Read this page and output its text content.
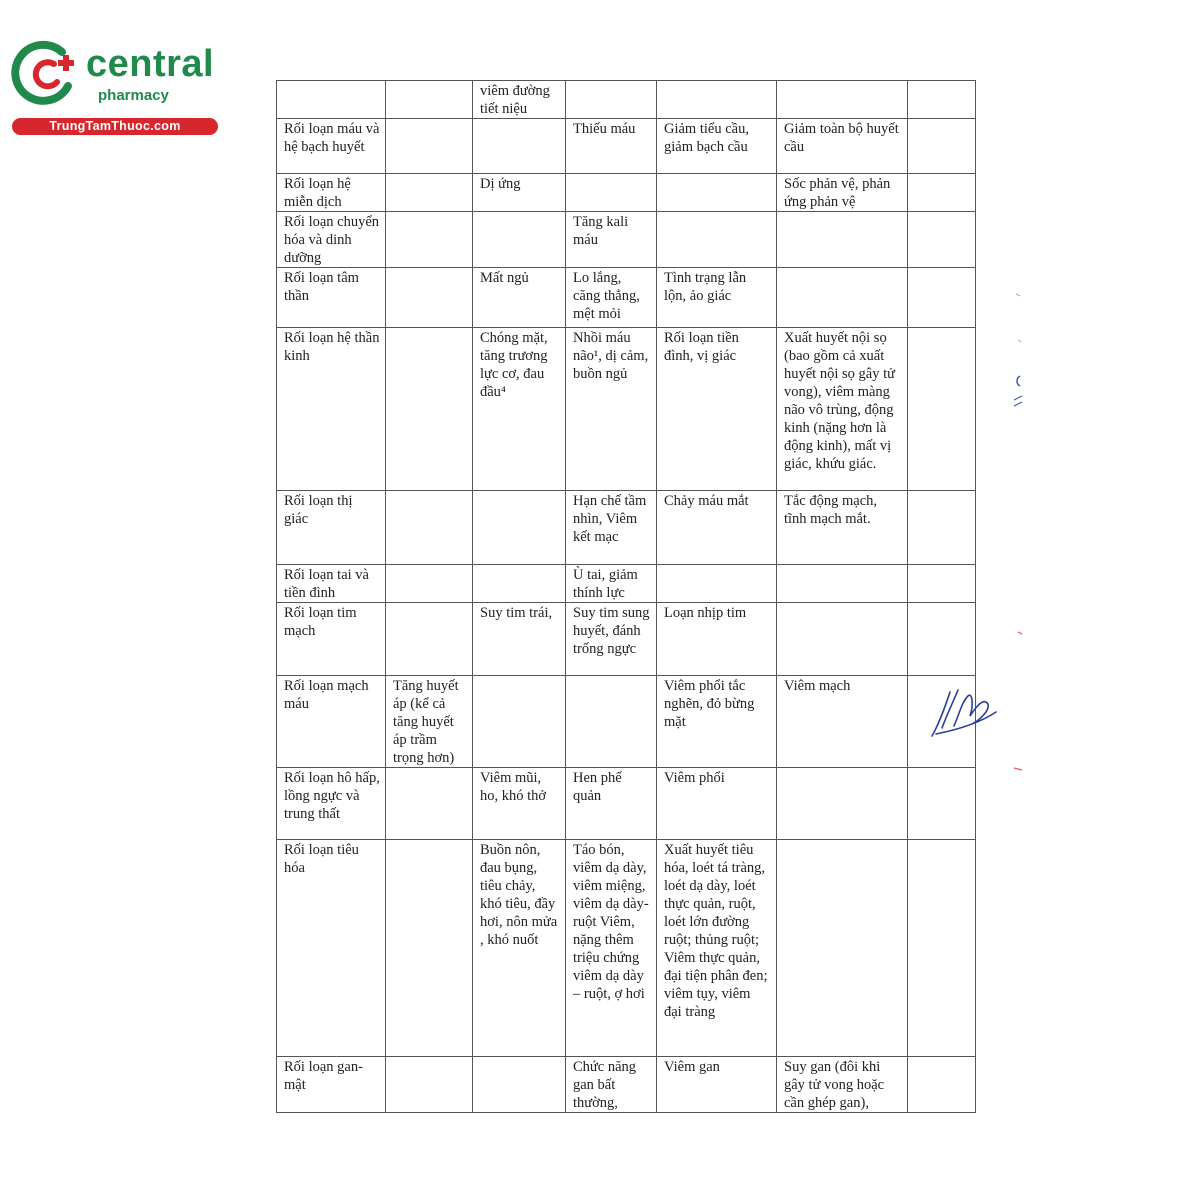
central
pharmacy
TrungTamThuoc.com
		viêm đường tiết niệu				
Rối loạn máu và hệ bạch huyết			Thiếu máu	Giảm tiểu cầu, giảm bạch cầu	Giảm toàn bộ huyết cầu	
Rối loạn hệ miễn dịch		Dị ứng			Sốc phản vệ, phản ứng phản vệ	
Rối loạn chuyển hóa và dinh dưỡng			Tăng kali máu			
Rối loạn tâm thần		Mất ngủ	Lo lắng, căng thẳng, mệt mỏi	Tình trạng lẫn lộn, ảo giác		
Rối loạn hệ thần kinh		Chóng mặt, tăng trương lực cơ, đau đầu⁴	Nhồi máu não¹, dị cảm, buồn ngủ	Rối loạn tiền đình, vị giác	Xuất huyết nội sọ (bao gồm cả xuất huyết nội sọ gây tử vong), viêm màng não vô trùng, động kinh (nặng hơn là động kinh), mất vị giác, khứu giác.	
Rối loạn thị giác			Hạn chế tầm nhìn, Viêm kết mạc	Chảy máu mắt	Tắc động mạch, tĩnh mạch mắt.	
Rối loạn tai và tiền đình			Ù tai, giảm thính lực			
Rối loạn tim mạch		Suy tim trái,	Suy tim sung huyết, đánh trống ngực	Loạn nhịp tim		
Rối loạn mạch máu	Tăng huyết áp (kể cả tăng huyết áp trầm trọng hơn)			Viêm phổi tắc nghẽn, đỏ bừng mặt	Viêm mạch	
Rối loạn hô hấp, lồng ngực và trung thất		Viêm mũi, ho, khó thở	Hen phế quản	Viêm phổi		
Rối loạn tiêu hóa		Buồn nôn, đau bụng, tiêu chảy, khó tiêu, đầy hơi, nôn mửa , khó nuốt	Táo bón, viêm dạ dày, viêm miệng, viêm dạ dày-ruột Viêm, nặng thêm triệu chứng viêm dạ dày – ruột, ợ hơi	Xuất huyết tiêu hóa, loét tá tràng, loét dạ dày, loét thực quản, ruột, loét lớn đường ruột; thủng ruột; Viêm thực quản, đại tiện phân đen; viêm tụy, viêm đại tràng		
Rối loạn gan-mật			Chức năng gan bất thường,	Viêm gan	Suy gan (đôi khi gây tử vong hoặc cần ghép gan),	
